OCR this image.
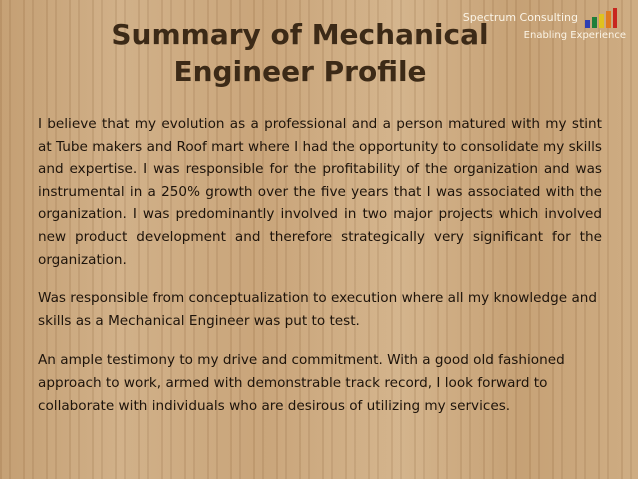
Spectrum Consulting
Enabling Experience
Summary of Mechanical Engineer Profile

I believe that my evolution as a professional and a person matured with my stint at Tube makers and Roof mart where I had the opportunity to consolidate my skills and expertise. I was responsible for the profitability of the organization and was instrumental in a 250% growth over the five years that I was associated with the organization. I was predominantly involved in two major projects which involved new product development and therefore strategically very significant for the organization.

Was responsible from conceptualization to execution where all my knowledge and skills as a Mechanical Engineer was put to test.

An ample testimony to my drive and commitment. With a good old fashioned approach to work, armed with demonstrable track record, I look forward to collaborate with individuals who are desirous of utilizing my services.
